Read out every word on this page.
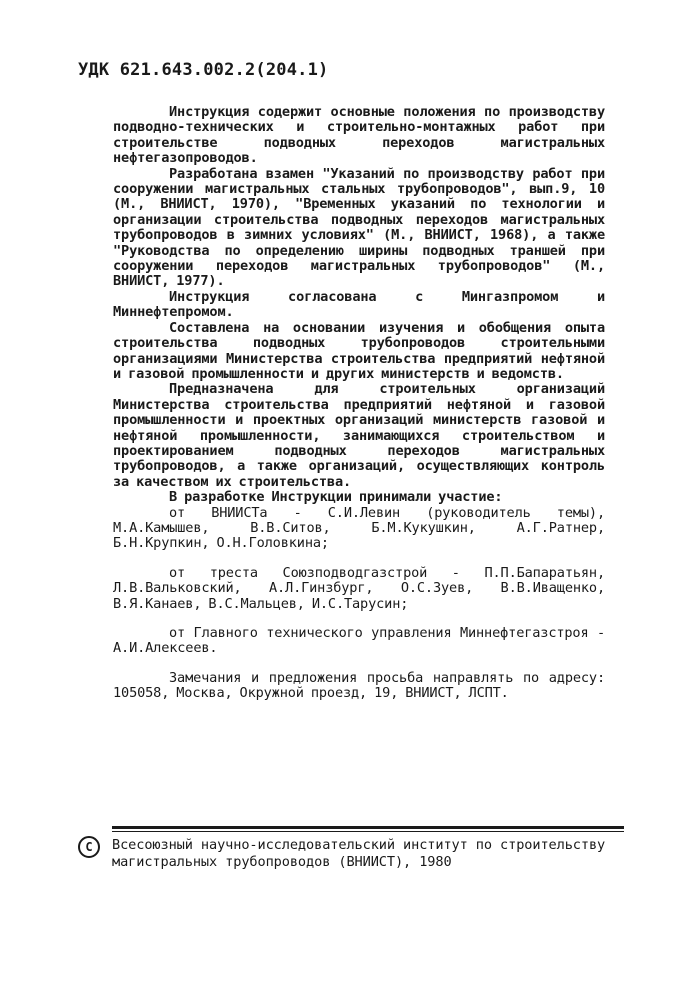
УДК 621.643.002.2(204.1)

Инструкция содержит основные положения по производству подводно-технических и строительно-монтажных работ при строительстве подводных переходов магистральных нефтегазопроводов.

Разработана взамен "Указаний по производству работ при сооружении магистральных стальных трубопроводов", вып.9, 10 (М., ВНИИСТ, 1970), "Временных указаний по технологии и организации строительства подводных переходов магистральных трубопроводов в зимних условиях" (М., ВНИИСТ, 1968), а также "Руководства по определению ширины подводных траншей при сооружении переходов магистральных трубопроводов" (М., ВНИИСТ, 1977).

Инструкция согласована с Мингазпромом и Миннефтепромом.

Составлена на основании изучения и обобщения опыта строительства подводных трубопроводов строительными организациями Министерства строительства предприятий нефтяной и газовой промышленности и других министерств и ведомств.

Предназначена для строительных организаций Министерства строительства предприятий нефтяной и газовой промышленности и проектных организаций министерств газовой и нефтяной промышленности, занимающихся строительством и проектированием подводных переходов магистральных трубопроводов, а также организаций, осуществляющих контроль за качеством их строительства.

В разработке Инструкции принимали участие:

от ВНИИСТа - С.И.Левин (руководитель темы), М.А.Камышев, В.В.Ситов, Б.М.Кукушкин, А.Г.Ратнер, Б.Н.Крупкин, О.Н.Головкина;

от треста Союзподводгазстрой - П.П.Бапаратьян, Л.В.Вальковский, А.Л.Гинзбург, О.С.Зуев, В.В.Иващенко, В.Я.Канаев, В.С.Мальцев, И.С.Тарусин;

от Главного технического управления Миннефтегазстроя - А.И.Алексеев.

Замечания и предложения просьба направлять по адресу: 105058, Москва, Окружной проезд, 19, ВНИИСТ, ЛСПТ.

С	Всесоюзный научно-исследовательский институт по строительству магистральных трубопроводов (ВНИИСТ), 1980
